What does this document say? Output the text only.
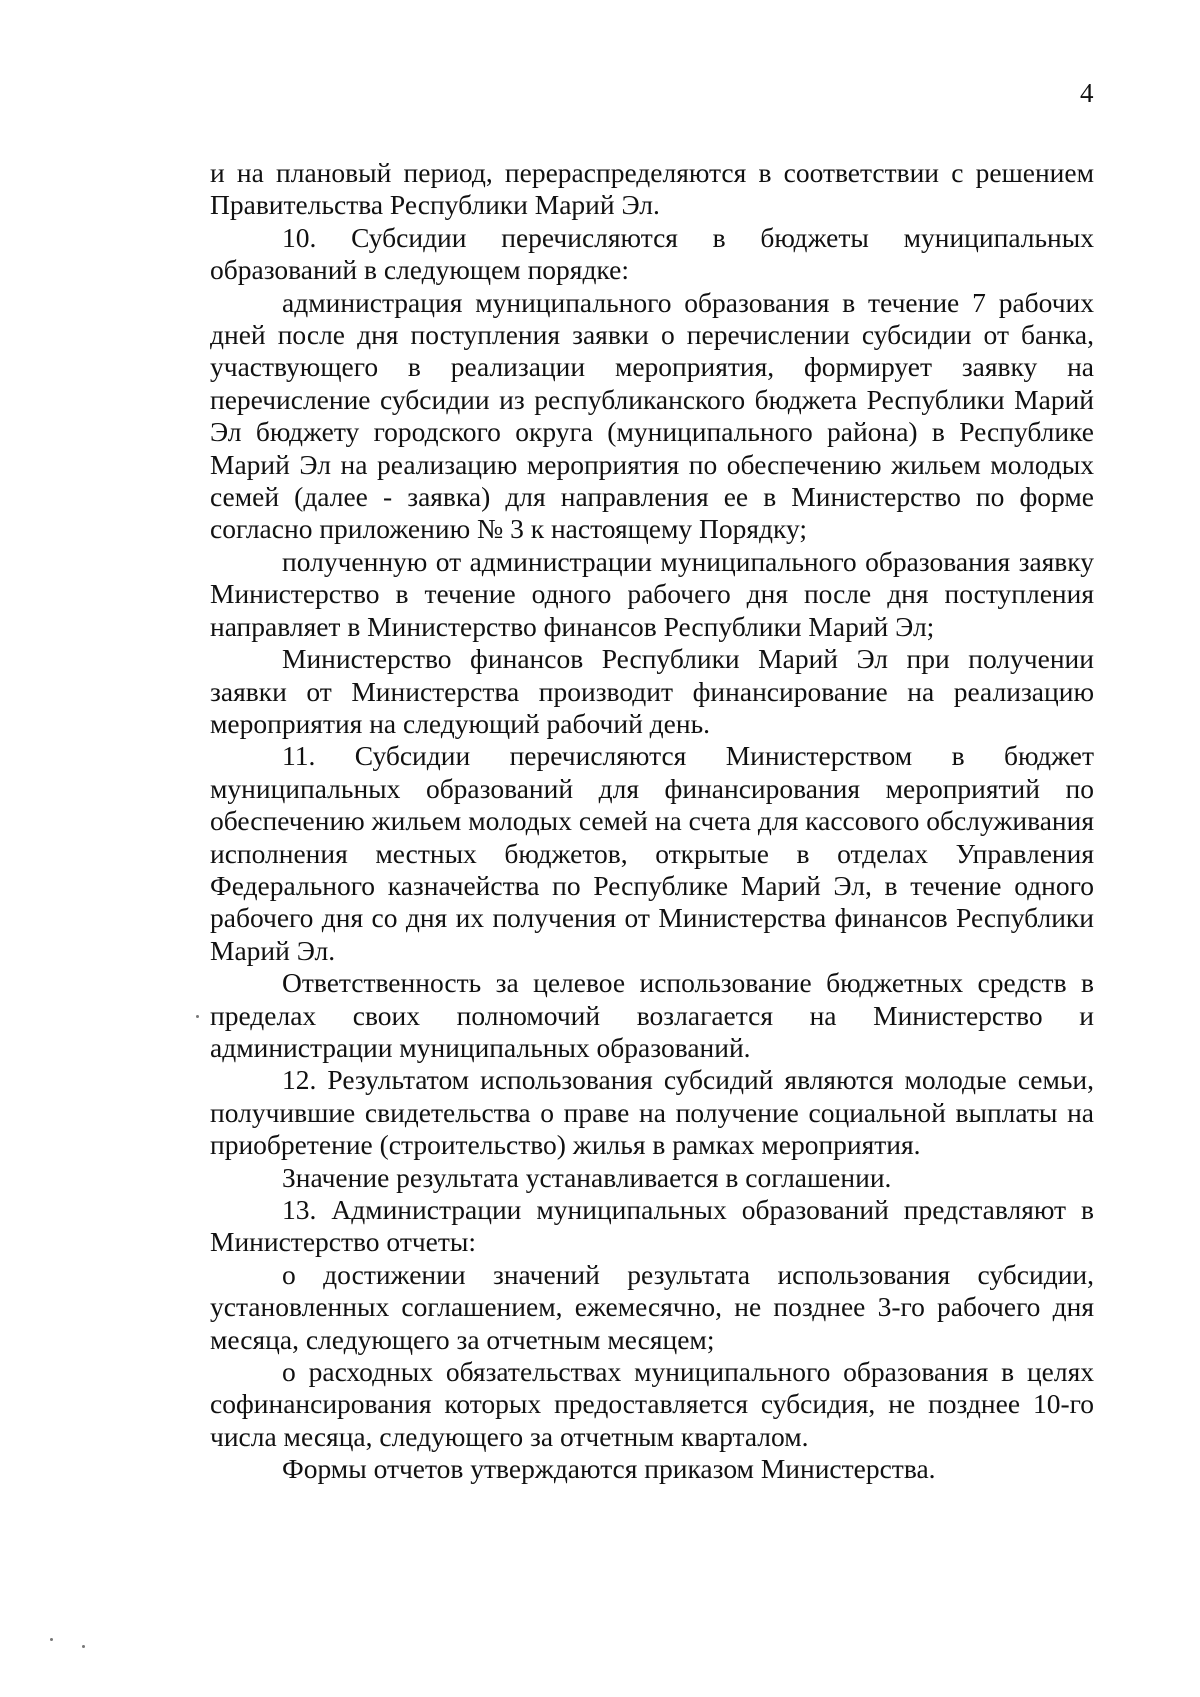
4

и на плановый период, перераспределяются в соответствии с решением Правительства Республики Марий Эл.

10. Субсидии перечисляются в бюджеты муниципальных образований в следующем порядке:

администрация муниципального образования в течение 7 рабочих дней после дня поступления заявки о перечислении субсидии от банка, участвующего в реализации мероприятия, формирует заявку на перечисление субсидии из республиканского бюджета Республики Марий Эл бюджету городского округа (муниципального района) в Республике Марий Эл на реализацию мероприятия по обеспечению жильем молодых семей (далее - заявка) для направления ее в Министерство по форме согласно приложению № 3 к настоящему Порядку;

полученную от администрации муниципального образования заявку Министерство в течение одного рабочего дня после дня поступления направляет в Министерство финансов Республики Марий Эл;

Министерство финансов Республики Марий Эл при получении заявки от Министерства производит финансирование на реализацию мероприятия на следующий рабочий день.

11. Субсидии перечисляются Министерством в бюджет муниципальных образований для финансирования мероприятий по обеспечению жильем молодых семей на счета для кассового обслуживания исполнения местных бюджетов, открытые в отделах Управления Федерального казначейства по Республике Марий Эл, в течение одного рабочего дня со дня их получения от Министерства финансов Республики Марий Эл.

Ответственность за целевое использование бюджетных средств в пределах своих полномочий возлагается на Министерство и администрации муниципальных образований.

12. Результатом использования субсидий являются молодые семьи, получившие свидетельства о праве на получение социальной выплаты на приобретение (строительство) жилья в рамках мероприятия.

Значение результата устанавливается в соглашении.

13. Администрации муниципальных образований представляют в Министерство отчеты:

о достижении значений результата использования субсидии, установленных соглашением, ежемесячно, не позднее 3-го рабочего дня месяца, следующего за отчетным месяцем;

о расходных обязательствах муниципального образования в целях софинансирования которых предоставляется субсидия, не позднее 10-го числа месяца, следующего за отчетным кварталом.

Формы отчетов утверждаются приказом Министерства.
